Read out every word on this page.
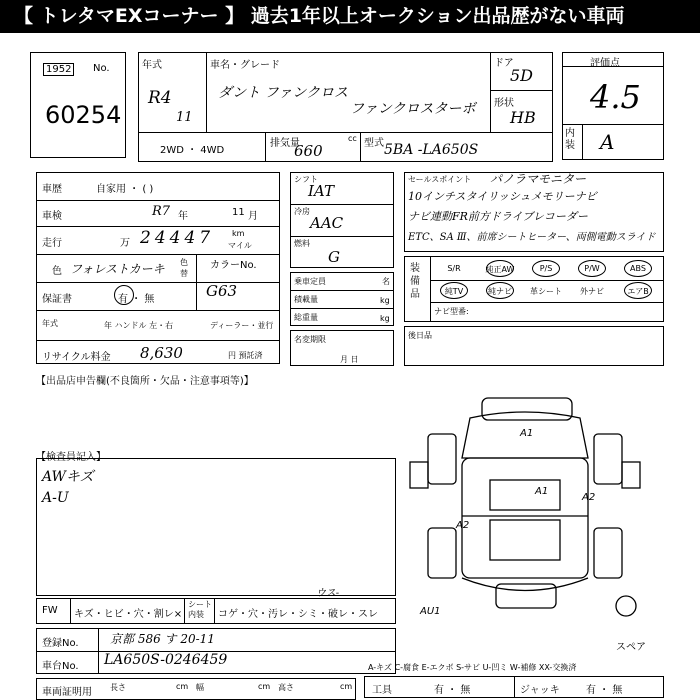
【 トレタマEXコーナー 】 過去1年以上オークション出品歴がない車両
1952	No.
60254
年式
R4
11
車名・グレード
ダント ファンクロス
ファンクロスターボ
ドア
5D
形状
HB
2WD ・ 4WD
排気量
660
cc 型式 5BA -LA650S
評価点
4.5
内装 A
車歴	自家用 ・ ( )
車検	R7 年	11 月
走行	万 24447 km
マイル
色 フォレストカーキ 色替
カラーNo.
G63
保証書	有 ・ 無
年式	年 ハンドル 左・右	ディーラー・並行
リサイクル料金 8,630	円 預託済
シフト
IAT
冷房
AAC
燃料
G
乗車定員	名
積載量	kg
総重量	kg
名変期限
月 日
セールスポイント パノラマモニター
10インチスタイリッシュメモリーナビ
ナビ連動FR前方ドライブレコーダー
ETC、SA Ⅲ、前席シートヒーター、両側電動スライド
装備品
S/R	純正AW	P/S	P/W	ABS
純TV	純ナビ	革シート	外ナビ	エアB
ナビ型番:
後日品
【出品店申告欄(不良箇所・欠品・注意事項等)】
【検査員記入】
AWキズ
A-U
A1
A1
A2
A2
AU1
ウス-
スペア
FW キズ・ヒビ・穴・割レ×
シート内装	コゲ・穴・汚レ・シミ・破レ・スレ
登録No.	京都 586 す 20-11
車台No. LA650S-0246459
車両証明用 長さ	cm 幅	cm 高さ	cm
A-キズ C-腐食 E-エクボ S-サビ U-凹ミ W-補修 XX-交換済
工具	有 ・ 無	ジャッキ	有 ・ 無
